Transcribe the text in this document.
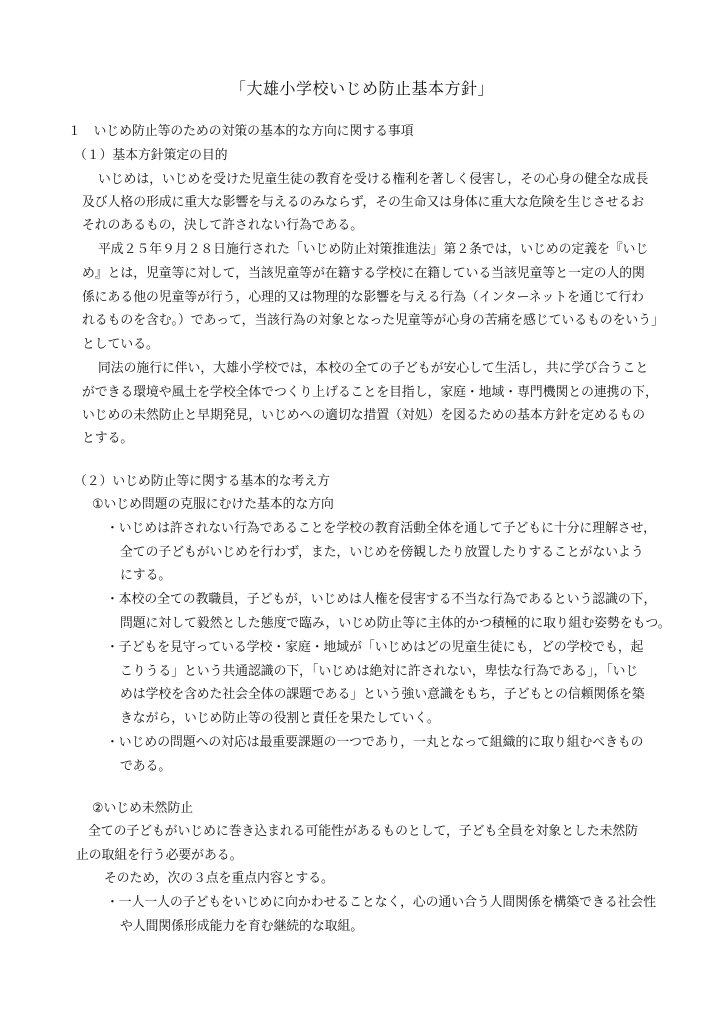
「大雄小学校いじめ防止基本方針」
１　いじめ防止等のための対策の基本的な方向に関する事項
（１）基本方針策定の目的
いじめは，いじめを受けた児童生徒の教育を受ける権利を著しく侵害し，その心身の健全な成長
及び人格の形成に重大な影響を与えるのみならず，その生命又は身体に重大な危険を生じさせるお
それのあるもの，決して許されない行為である。
平成２５年９月２８日施行された「いじめ防止対策推進法」第２条では，いじめの定義を『いじ
め』とは，児童等に対して，当該児童等が在籍する学校に在籍している当該児童等と一定の人的関
係にある他の児童等が行う，心理的又は物理的な影響を与える行為（インターネットを通じて行わ
れるものを含む。）であって，当該行為の対象となった児童等が心身の苦痛を感じているものをいう」
としている。
同法の施行に伴い，大雄小学校では，本校の全ての子どもが安心して生活し，共に学び合うこと
ができる環境や風土を学校全体でつくり上げることを目指し，家庭・地域・専門機関との連携の下，
いじめの未然防止と早期発見，いじめへの適切な措置（対処）を図るための基本方針を定めるもの
とする。
（２）いじめ防止等に関する基本的な考え方
①いじめ問題の克服にむけた基本的な方向
・いじめは許されない行為であることを学校の教育活動全体を通して子どもに十分に理解させ，
全ての子どもがいじめを行わず，また，いじめを傍観したり放置したりすることがないよう
にする。
・本校の全ての教職員，子どもが，いじめは人権を侵害する不当な行為であるという認識の下，
問題に対して毅然とした態度で臨み，いじめ防止等に主体的かつ積極的に取り組む姿勢をもつ。
・子どもを見守っている学校・家庭・地域が「いじめはどの児童生徒にも，どの学校でも，起
こりうる」という共通認識の下，「いじめは絶対に許されない，卑怯な行為である」，「いじ
めは学校を含めた社会全体の課題である」という強い意識をもち，子どもとの信頼関係を築
きながら，いじめ防止等の役割と責任を果たしていく。
・いじめの問題への対応は最重要課題の一つであり，一丸となって組織的に取り組むべきもの
である。
②いじめ未然防止
全ての子どもがいじめに巻き込まれる可能性があるものとして，子ども全員を対象とした未然防
止の取組を行う必要がある。
そのため，次の３点を重点内容とする。
・一人一人の子どもをいじめに向かわせることなく，心の通い合う人間関係を構築できる社会性
や人間関係形成能力を育む継続的な取組。
